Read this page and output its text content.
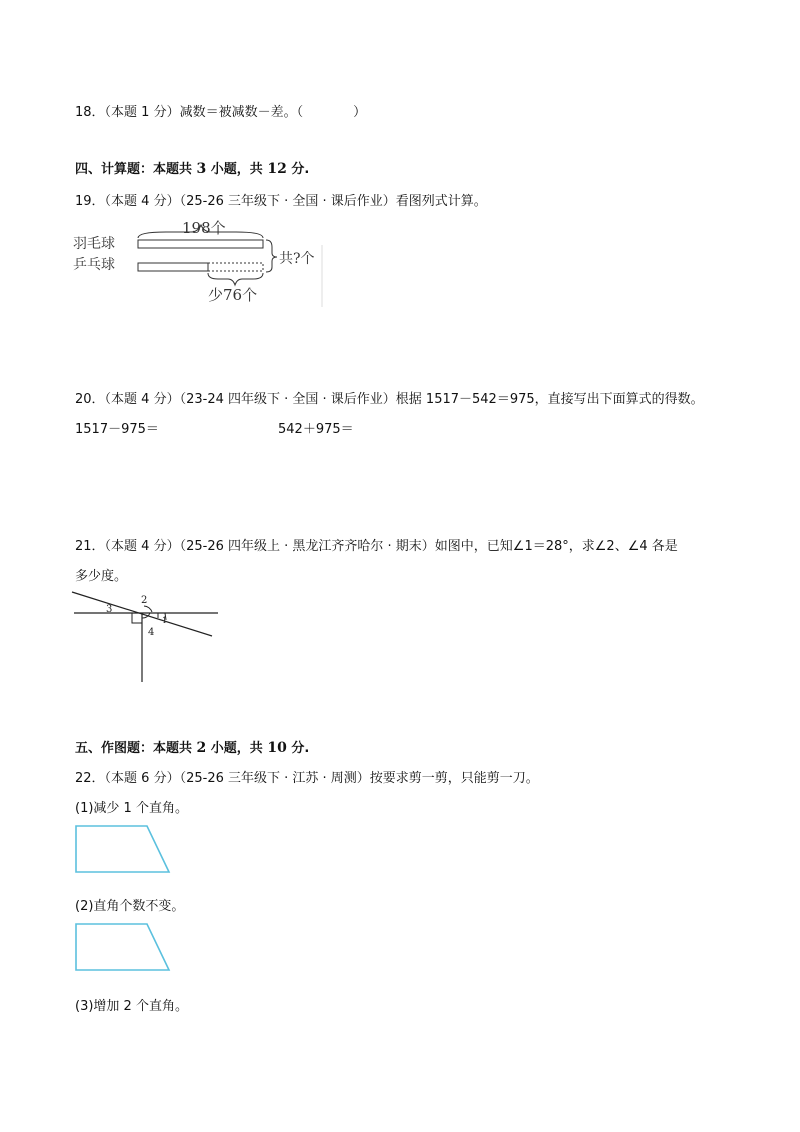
18．（本题 1 分）减数＝被减数－差。（	）
四、计算题：本题共 3 小题，共 12 分.
19．（本题 4 分）（25-26 三年级下 · 全国 · 课后作业）看图列式计算。
羽毛球
乒乓球
198个
共?个
少76个
20．（本题 4 分）（23-24 四年级下 · 全国 · 课后作业）根据 1517－542＝975，直接写出下面算式的得数。
1517－975＝	542＋975＝
21．（本题 4 分）（25-26 四年级上 · 黑龙江齐齐哈尔 · 期末）如图中，已知∠1＝28°，求∠2、∠4 各是
多少度。
2
3
4
1
五、作图题：本题共 2 小题，共 10 分.
22．（本题 6 分）（25-26 三年级下 · 江苏 · 周测）按要求剪一剪，只能剪一刀。
(1)减少 1 个直角。
(2)直角个数不变。
(3)增加 2 个直角。
